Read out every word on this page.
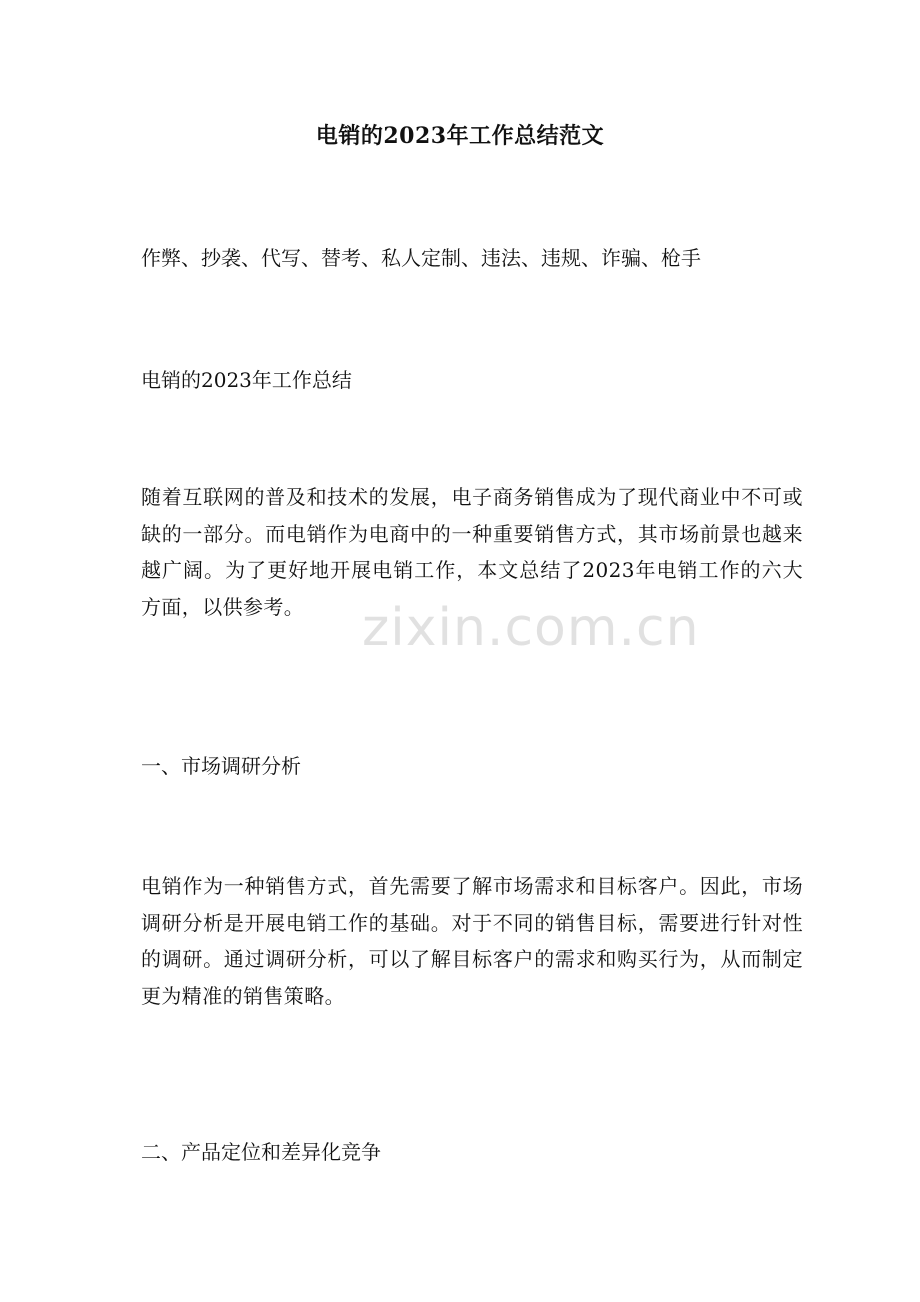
电销的2023年工作总结范文
作弊、抄袭、代写、替考、私人定制、违法、违规、诈骗、枪手
电销的2023年工作总结
随着互联网的普及和技术的发展，电子商务销售成为了现代商业中不可或缺的一部分。而电销作为电商中的一种重要销售方式，其市场前景也越来越广阔。为了更好地开展电销工作，本文总结了2023年电销工作的六大方面，以供参考。
一、市场调研分析
电销作为一种销售方式，首先需要了解市场需求和目标客户。因此，市场调研分析是开展电销工作的基础。对于不同的销售目标，需要进行针对性的调研。通过调研分析，可以了解目标客户的需求和购买行为，从而制定更为精准的销售策略。
二、产品定位和差异化竞争
zixin.com.cn
